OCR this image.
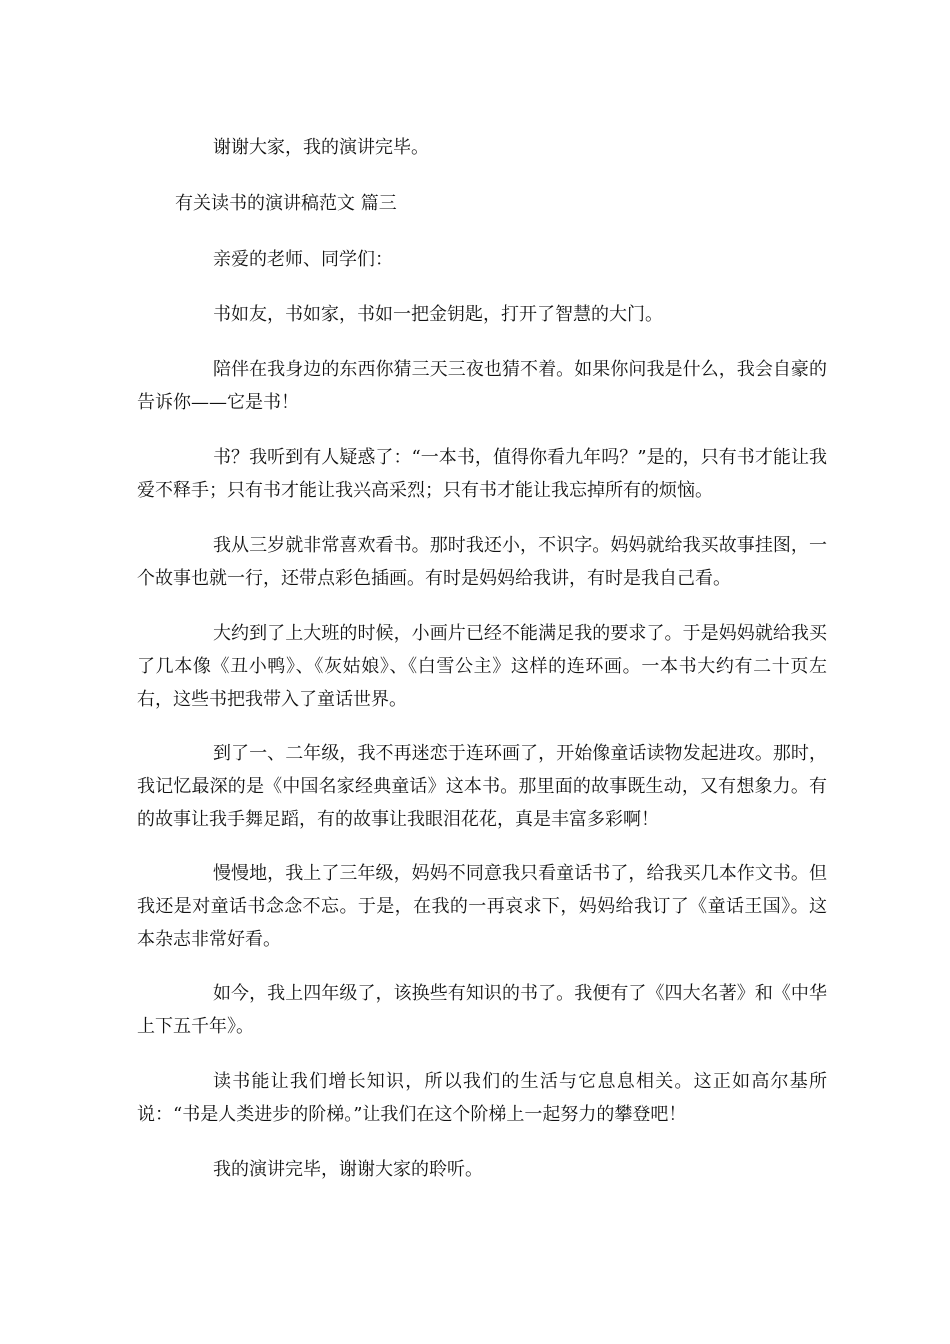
谢谢大家，我的演讲完毕。

有关读书的演讲稿范文 篇三

亲爱的老师、同学们：

书如友，书如家，书如一把金钥匙，打开了智慧的大门。

陪伴在我身边的东西你猜三天三夜也猜不着。如果你问我是什么，我会自豪的告诉你——它是书！

书？我听到有人疑惑了：“一本书，值得你看九年吗？”是的，只有书才能让我爱不释手；只有书才能让我兴高采烈；只有书才能让我忘掉所有的烦恼。

我从三岁就非常喜欢看书。那时我还小，不识字。妈妈就给我买故事挂图，一个故事也就一行，还带点彩色插画。有时是妈妈给我讲，有时是我自己看。

大约到了上大班的时候，小画片已经不能满足我的要求了。于是妈妈就给我买了几本像《丑小鸭》、《灰姑娘》、《白雪公主》这样的连环画。一本书大约有二十页左右，这些书把我带入了童话世界。

到了一、二年级，我不再迷恋于连环画了，开始像童话读物发起进攻。那时，我记忆最深的是《中国名家经典童话》这本书。那里面的故事既生动，又有想象力。有的故事让我手舞足蹈，有的故事让我眼泪花花，真是丰富多彩啊！

慢慢地，我上了三年级，妈妈不同意我只看童话书了，给我买几本作文书。但我还是对童话书念念不忘。于是，在我的一再哀求下，妈妈给我订了《童话王国》。这本杂志非常好看。

如今，我上四年级了，该换些有知识的书了。我便有了《四大名著》和《中华上下五千年》。

读书能让我们增长知识，所以我们的生活与它息息相关。这正如高尔基所说：“书是人类进步的阶梯。”让我们在这个阶梯上一起努力的攀登吧！

我的演讲完毕，谢谢大家的聆听。
